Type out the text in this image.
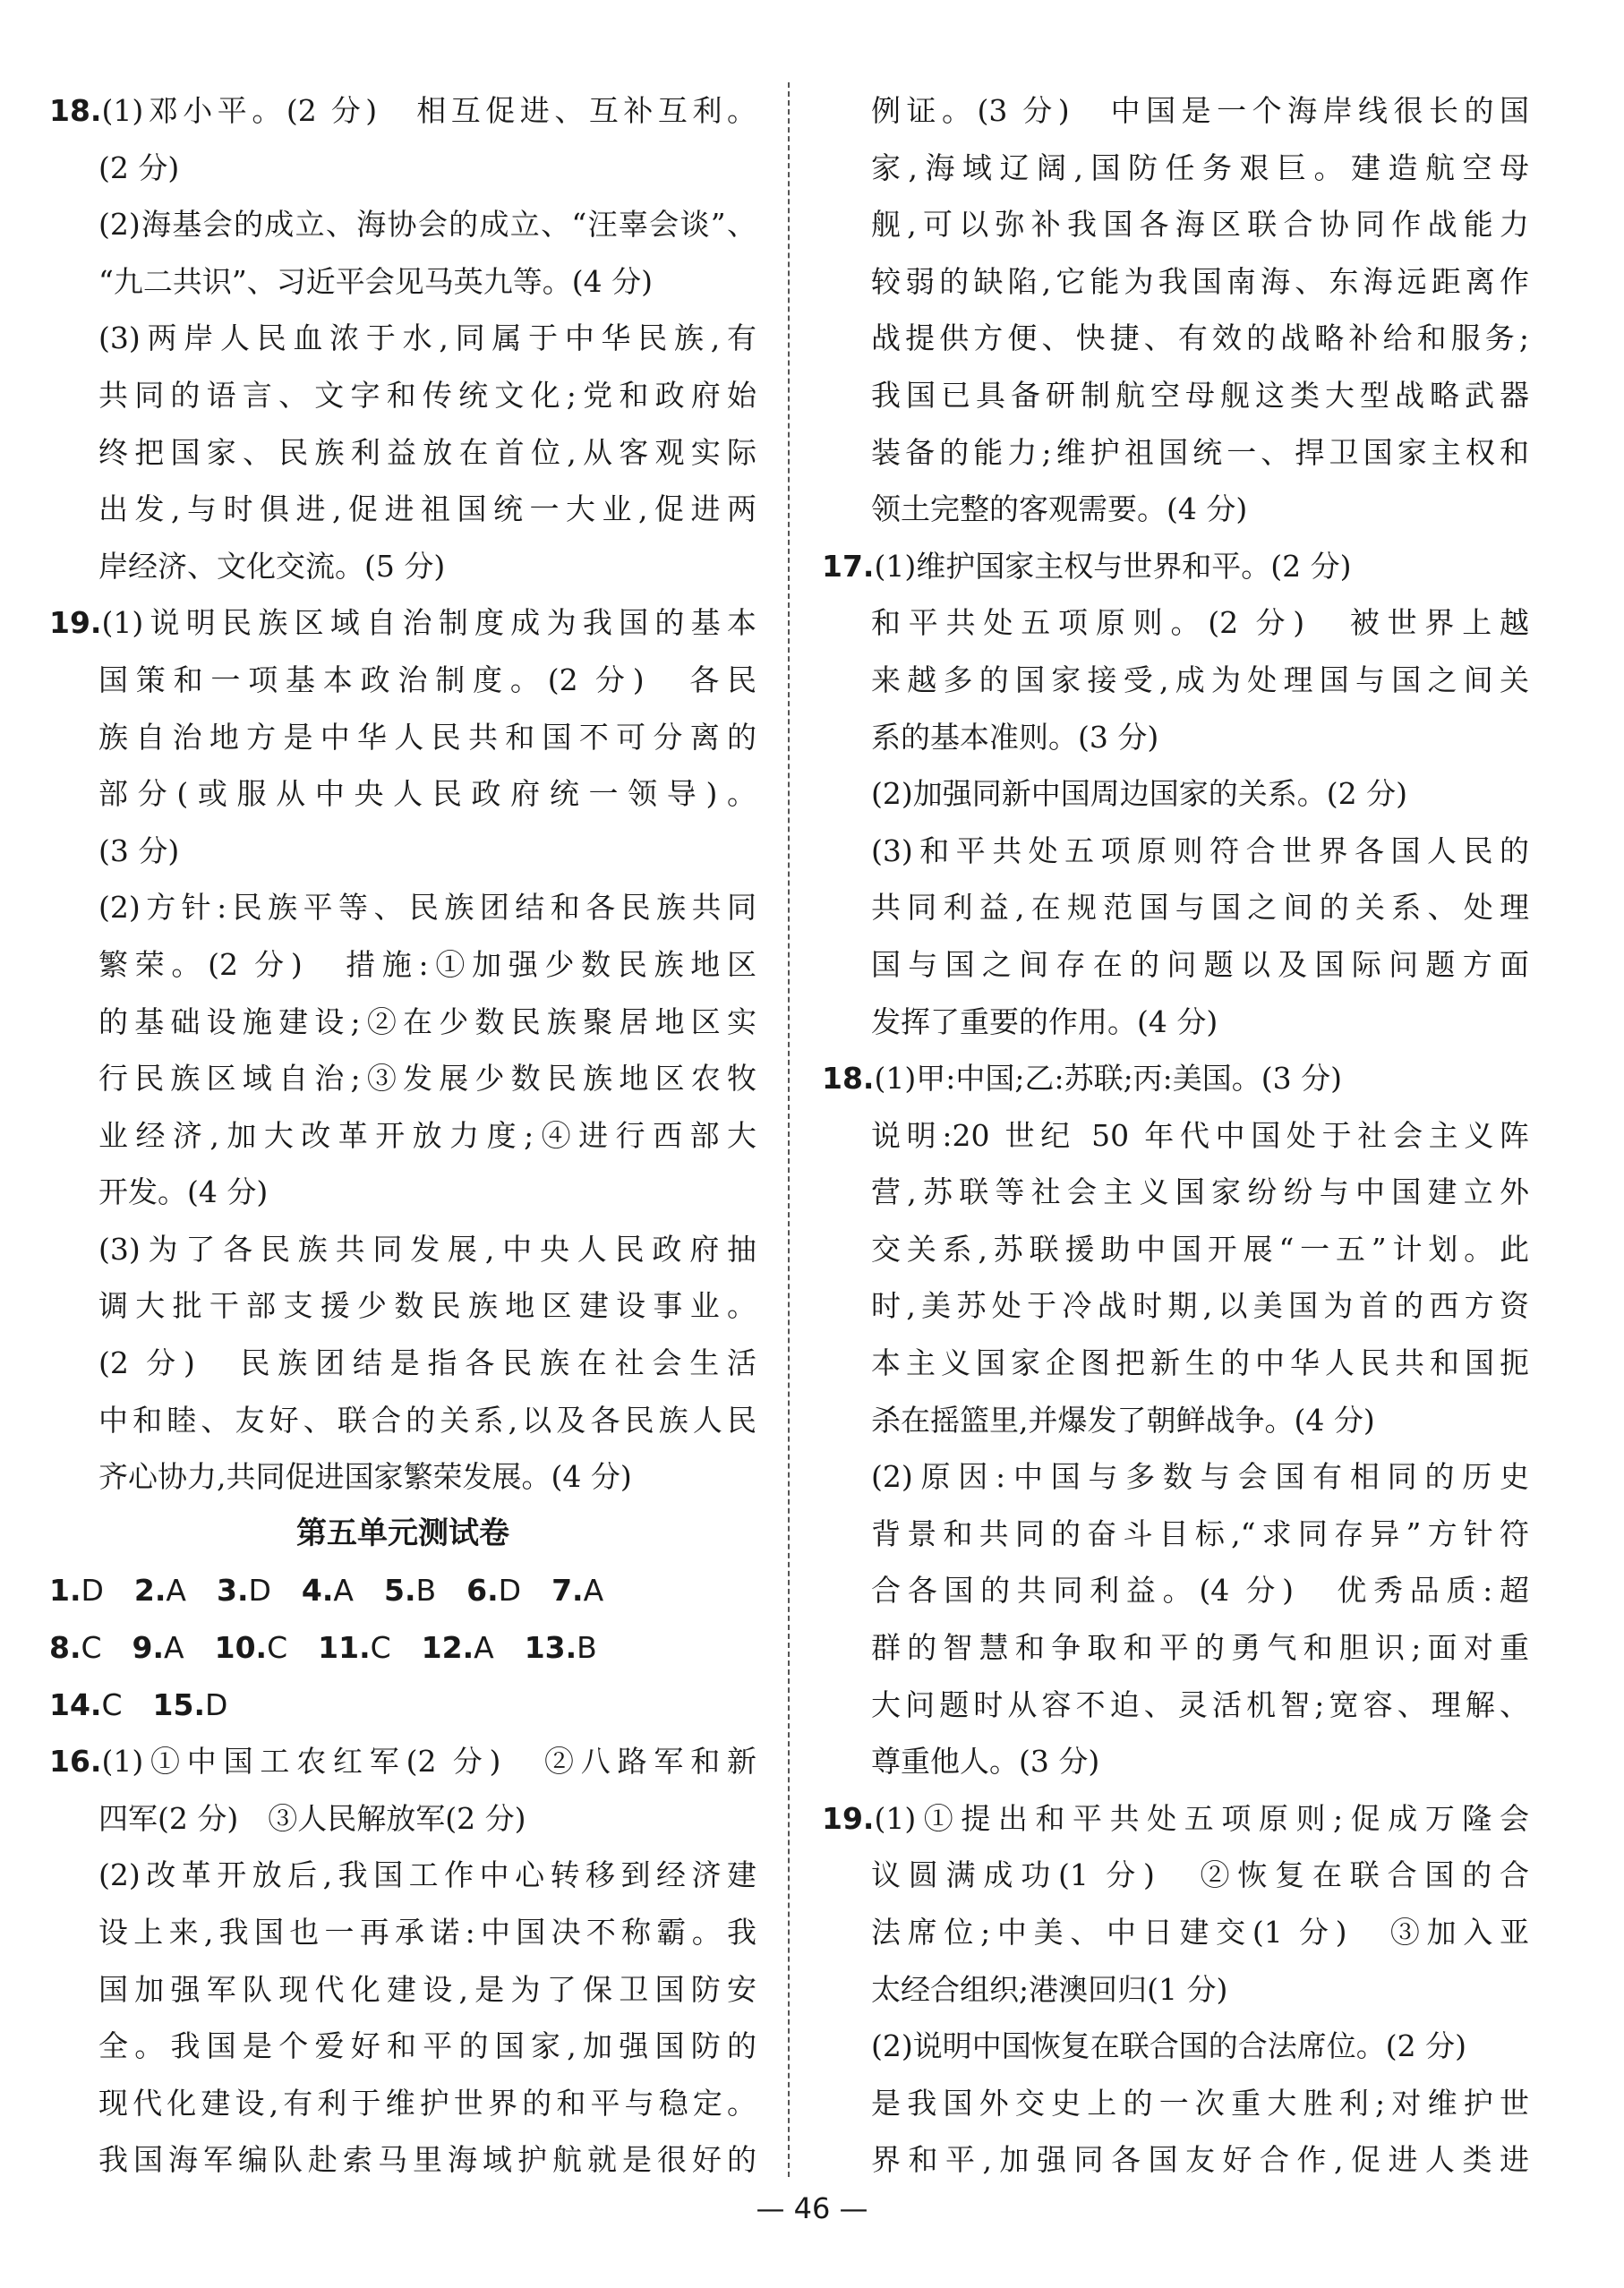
18.(1)邓小平。(2 分)　相互促进、互补互利。
(2 分)
(2)海基会的成立、海协会的成立、“汪辜会谈”、
“九二共识”、习近平会见马英九等。(4 分)
(3)两岸人民血浓于水,同属于中华民族,有
共同的语言、文字和传统文化;党和政府始
终把国家、民族利益放在首位,从客观实际
出发,与时俱进,促进祖国统一大业,促进两
岸经济、文化交流。(5 分)
19.(1)说明民族区域自治制度成为我国的基本
国策和一项基本政治制度。(2 分)　各民
族自治地方是中华人民共和国不可分离的
部分(或服从中央人民政府统一领导)。
(3 分)
(2)方针:民族平等、民族团结和各民族共同
繁荣。(2 分)　措施:①加强少数民族地区
的基础设施建设;②在少数民族聚居地区实
行民族区域自治;③发展少数民族地区农牧
业经济,加大改革开放力度;④进行西部大
开发。(4 分)
(3)为了各民族共同发展,中央人民政府抽
调大批干部支援少数民族地区建设事业。
(2 分)　民族团结是指各民族在社会生活
中和睦、友好、联合的关系,以及各民族人民
齐心协力,共同促进国家繁荣发展。(4 分)
第五单元测试卷
1.D 2.A 3.D 4.A 5.B 6.D 7.A
8.C 9.A 10.C 11.C 12.A 13.B
14.C 15.D
16.(1)①中国工农红军(2 分)　②八路军和新
四军(2 分)　③人民解放军(2 分)
(2)改革开放后,我国工作中心转移到经济建
设上来,我国也一再承诺:中国决不称霸。我
国加强军队现代化建设,是为了保卫国防安
全。我国是个爱好和平的国家,加强国防的
现代化建设,有利于维护世界的和平与稳定。
我国海军编队赴索马里海域护航就是很好的
例证。(3 分)　中国是一个海岸线很长的国
家,海域辽阔,国防任务艰巨。建造航空母
舰,可以弥补我国各海区联合协同作战能力
较弱的缺陷,它能为我国南海、东海远距离作
战提供方便、快捷、有效的战略补给和服务;
我国已具备研制航空母舰这类大型战略武器
装备的能力;维护祖国统一、捍卫国家主权和
领土完整的客观需要。(4 分)
17.(1)维护国家主权与世界和平。(2 分)
和平共处五项原则。(2 分)　被世界上越
来越多的国家接受,成为处理国与国之间关
系的基本准则。(3 分)
(2)加强同新中国周边国家的关系。(2 分)
(3)和平共处五项原则符合世界各国人民的
共同利益,在规范国与国之间的关系、处理
国与国之间存在的问题以及国际问题方面
发挥了重要的作用。(4 分)
18.(1)甲:中国;乙:苏联;丙:美国。(3 分)
说明:20 世纪 50 年代中国处于社会主义阵
营,苏联等社会主义国家纷纷与中国建立外
交关系,苏联援助中国开展“一五”计划。此
时,美苏处于冷战时期,以美国为首的西方资
本主义国家企图把新生的中华人民共和国扼
杀在摇篮里,并爆发了朝鲜战争。(4 分)
(2)原因:中国与多数与会国有相同的历史
背景和共同的奋斗目标,“求同存异”方针符
合各国的共同利益。(4 分)　优秀品质:超
群的智慧和争取和平的勇气和胆识;面对重
大问题时从容不迫、灵活机智;宽容、理解、
尊重他人。(3 分)
19.(1)①提出和平共处五项原则;促成万隆会
议圆满成功(1 分)　②恢复在联合国的合
法席位;中美、中日建交(1 分)　③加入亚
太经合组织;港澳回归(1 分)
(2)说明中国恢复在联合国的合法席位。(2 分)
是我国外交史上的一次重大胜利;对维护世
界和平,加强同各国友好合作,促进人类进
— 46 —
